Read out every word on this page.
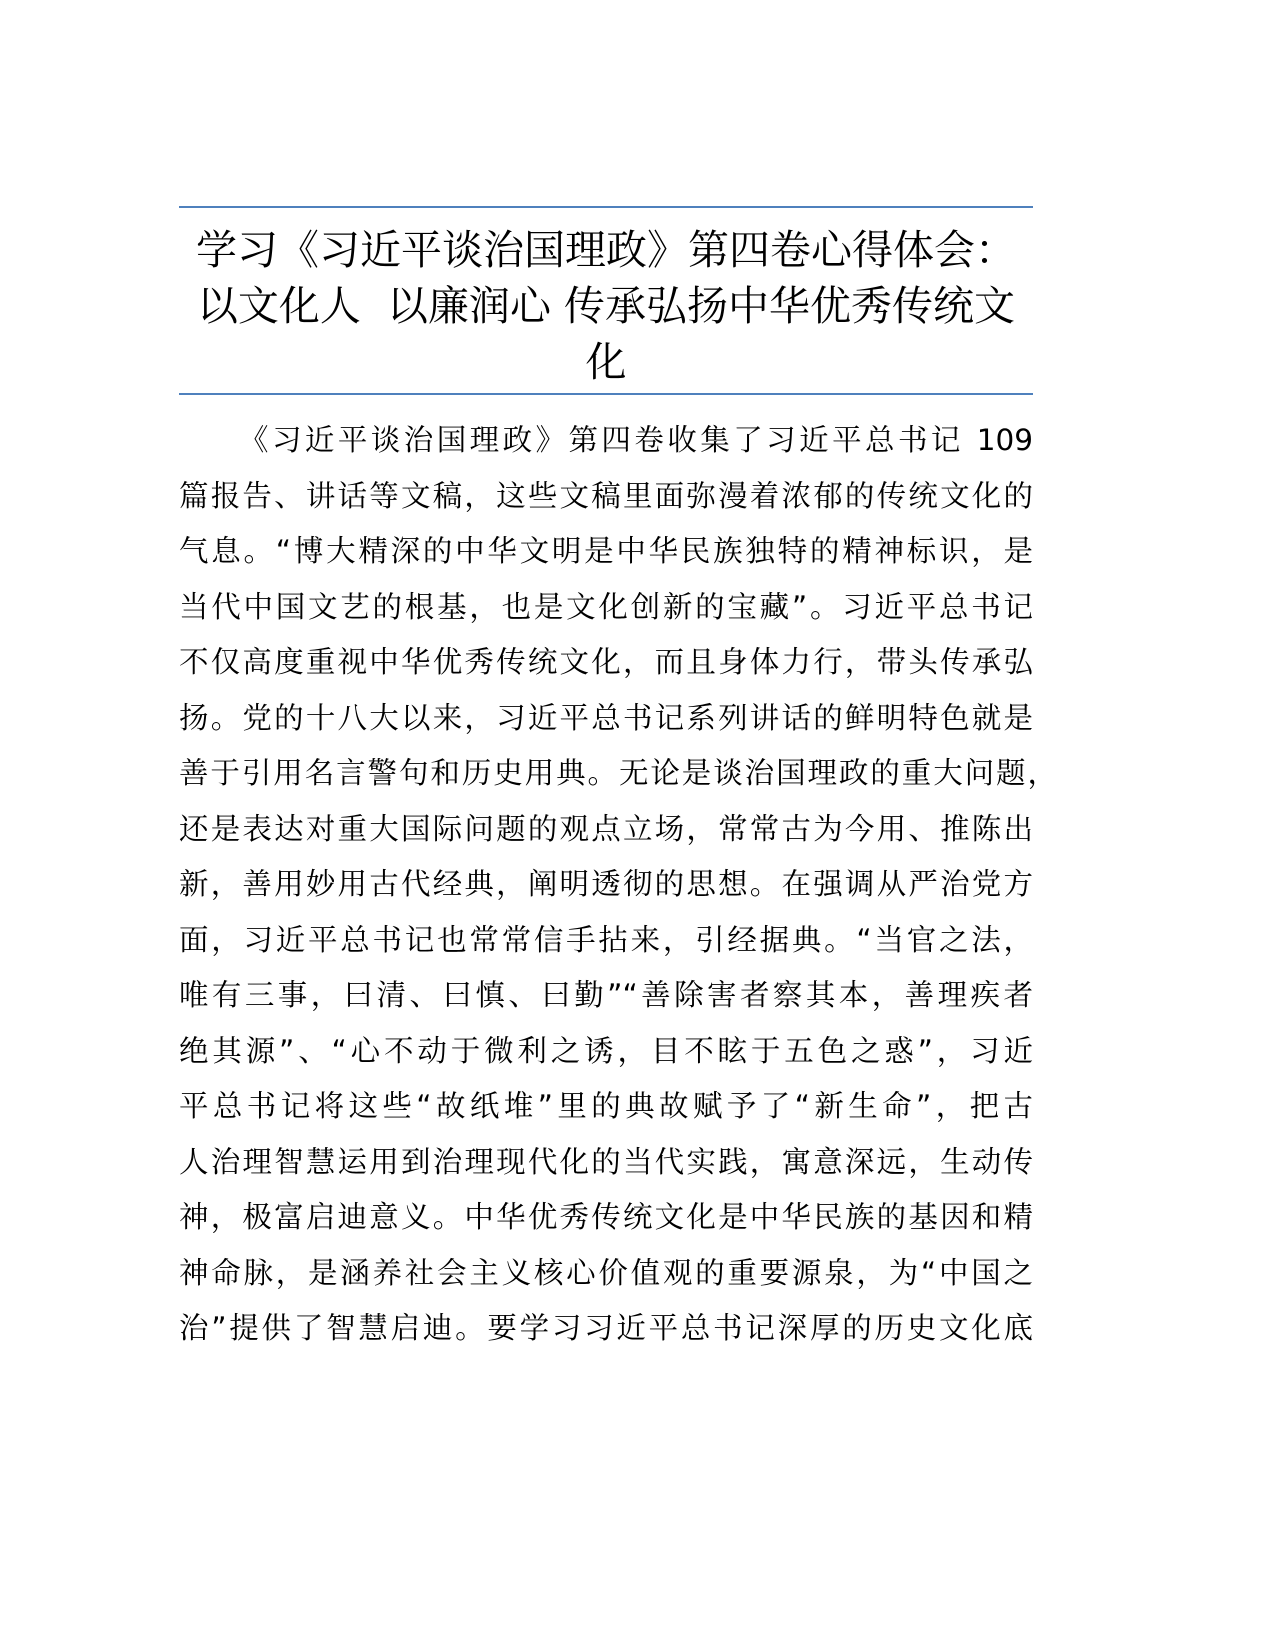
学习《习近平谈治国理政》第四卷心得体会：
以文化人  以廉润心 传承弘扬中华优秀传统文
化
《习近平谈治国理政》第四卷收集了习近平总书记 109
篇报告、讲话等文稿，这些文稿里面弥漫着浓郁的传统文化的
气息。“博大精深的中华文明是中华民族独特的精神标识，是
当代中国文艺的根基，也是文化创新的宝藏”。习近平总书记
不仅高度重视中华优秀传统文化，而且身体力行，带头传承弘
扬。党的十八大以来，习近平总书记系列讲话的鲜明特色就是
善于引用名言警句和历史用典。无论是谈治国理政的重大问题，
还是表达对重大国际问题的观点立场，常常古为今用、推陈出
新，善用妙用古代经典，阐明透彻的思想。在强调从严治党方
面，习近平总书记也常常信手拈来，引经据典。“当官之法，
唯有三事，曰清、曰慎、曰勤”“善除害者察其本，善理疾者
绝其源”、“心不动于微利之诱，目不眩于五色之惑”，习近
平总书记将这些“故纸堆”里的典故赋予了“新生命”，把古
人治理智慧运用到治理现代化的当代实践，寓意深远，生动传
神，极富启迪意义。中华优秀传统文化是中华民族的基因和精
神命脉，是涵养社会主义核心价值观的重要源泉，为“中国之
治”提供了智慧启迪。要学习习近平总书记深厚的历史文化底
